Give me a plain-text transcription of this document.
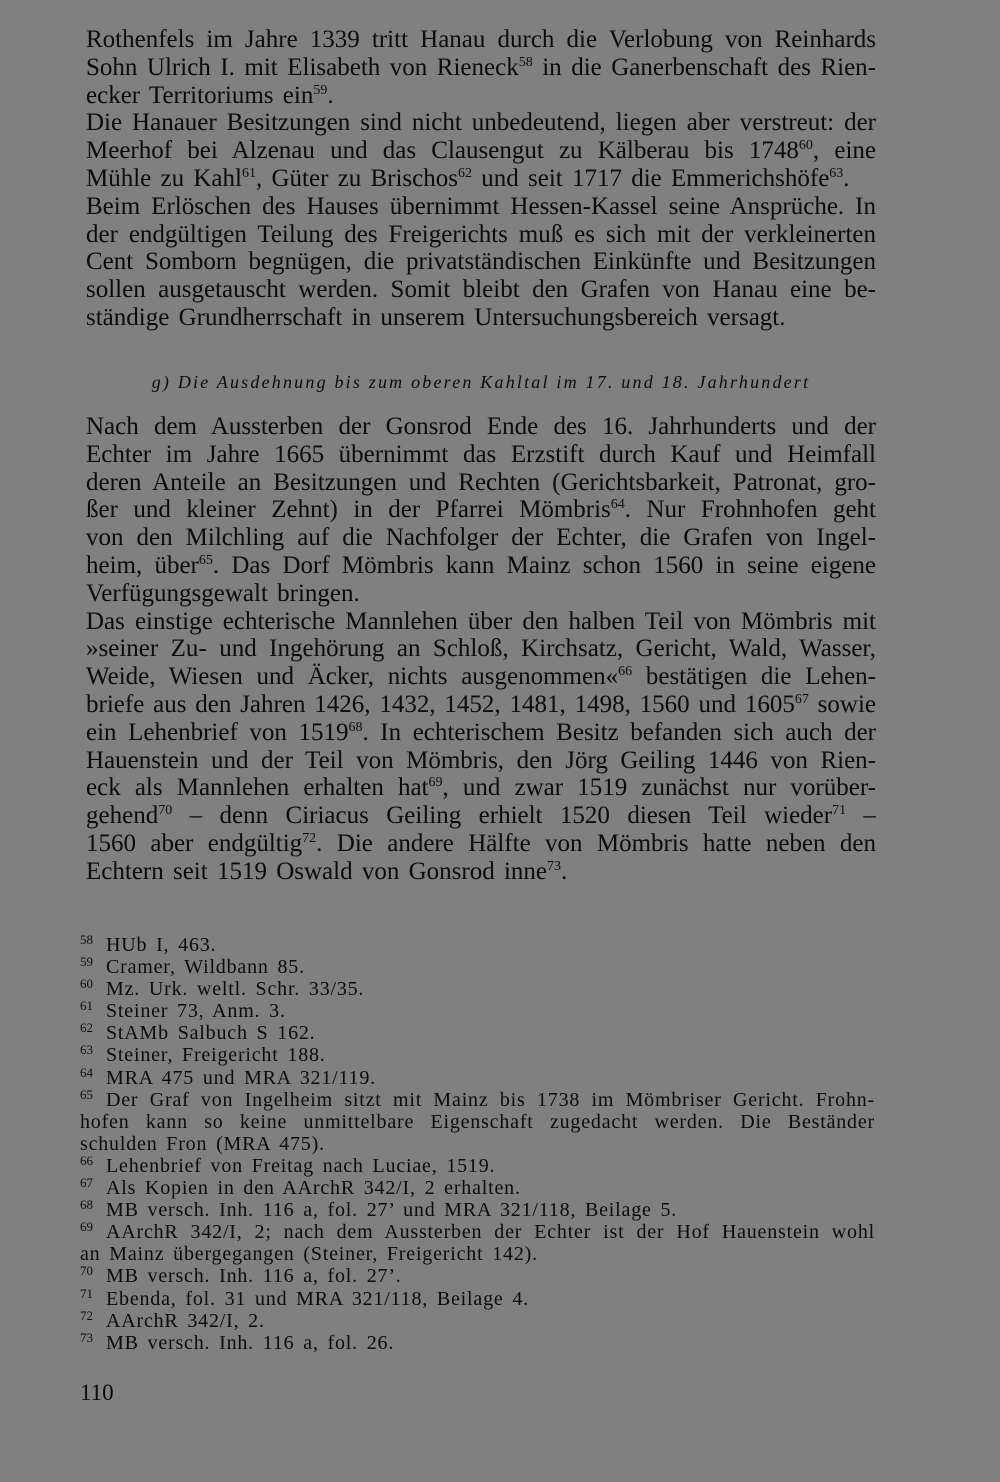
Rothenfels im Jahre 1339 tritt Hanau durch die Verlobung von Reinhards
Sohn Ulrich I. mit Elisabeth von Rieneck$^{58}$ in die Ganerbenschaft des Rien-
ecker Territoriums ein$^{59}$.
Die Hanauer Besitzungen sind nicht unbedeutend, liegen aber verstreut: der
Meerhof bei Alzenau und das Clausengut zu Kälberau bis 1748$^{60}$, eine
Mühle zu Kahl$^{61}$, Güter zu Brischos$^{62}$ und seit 1717 die Emmerichshöfe$^{63}$.
Beim Erlöschen des Hauses übernimmt Hessen-Kassel seine Ansprüche. In
der endgültigen Teilung des Freigerichts muß es sich mit der verkleinerten
Cent Somborn begnügen, die privatständischen Einkünfte und Besitzungen
sollen ausgetauscht werden. Somit bleibt den Grafen von Hanau eine be-
ständige Grundherrschaft in unserem Untersuchungsbereich versagt.
g) Die Ausdehnung bis zum oberen Kahltal im 17. und 18. Jahrhundert
Nach dem Aussterben der Gonsrod Ende des 16. Jahrhunderts und der
Echter im Jahre 1665 übernimmt das Erzstift durch Kauf und Heimfall
deren Anteile an Besitzungen und Rechten (Gerichtsbarkeit, Patronat, gro-
ßer und kleiner Zehnt) in der Pfarrei Mömbris$^{64}$. Nur Frohnhofen geht
von den Milchling auf die Nachfolger der Echter, die Grafen von Ingel-
heim, über$^{65}$. Das Dorf Mömbris kann Mainz schon 1560 in seine eigene
Verfügungsgewalt bringen.
Das einstige echterische Mannlehen über den halben Teil von Mömbris mit
»seiner Zu- und Ingehörung an Schloß, Kirchsatz, Gericht, Wald, Wasser,
Weide, Wiesen und Äcker, nichts ausgenommen«$^{66}$ bestätigen die Lehen-
briefe aus den Jahren 1426, 1432, 1452, 1481, 1498, 1560 und 1605$^{67}$ sowie
ein Lehenbrief von 1519$^{68}$. In echterischem Besitz befanden sich auch der
Hauenstein und der Teil von Mömbris, den Jörg Geiling 1446 von Rien-
eck als Mannlehen erhalten hat$^{69}$, und zwar 1519 zunächst nur vorüber-
gehend$^{70}$ – denn Ciriacus Geiling erhielt 1520 diesen Teil wieder$^{71}$ –
1560 aber endgültig$^{72}$. Die andere Hälfte von Mömbris hatte neben den
Echtern seit 1519 Oswald von Gonsrod inne$^{73}$.
58 HUb I, 463.
59 Cramer, Wildbann 85.
60 Mz. Urk. weltl. Schr. 33/35.
61 Steiner 73, Anm. 3.
62 StAMb Salbuch S 162.
63 Steiner, Freigericht 188.
64 MRA 475 und MRA 321/119.
65 Der Graf von Ingelheim sitzt mit Mainz bis 1738 im Mömbriser Gericht. Frohn-
hofen kann so keine unmittelbare Eigenschaft zugedacht werden. Die Beständer
schulden Fron (MRA 475).
66 Lehenbrief von Freitag nach Luciae, 1519.
67 Als Kopien in den AArchR 342/I, 2 erhalten.
68 MB versch. Inh. 116 a, fol. 27’ und MRA 321/118, Beilage 5.
69 AArchR 342/I, 2; nach dem Aussterben der Echter ist der Hof Hauenstein wohl
an Mainz übergegangen (Steiner, Freigericht 142).
70 MB versch. Inh. 116 a, fol. 27’.
71 Ebenda, fol. 31 und MRA 321/118, Beilage 4.
72 AArchR 342/I, 2.
73 MB versch. Inh. 116 a, fol. 26.
110
